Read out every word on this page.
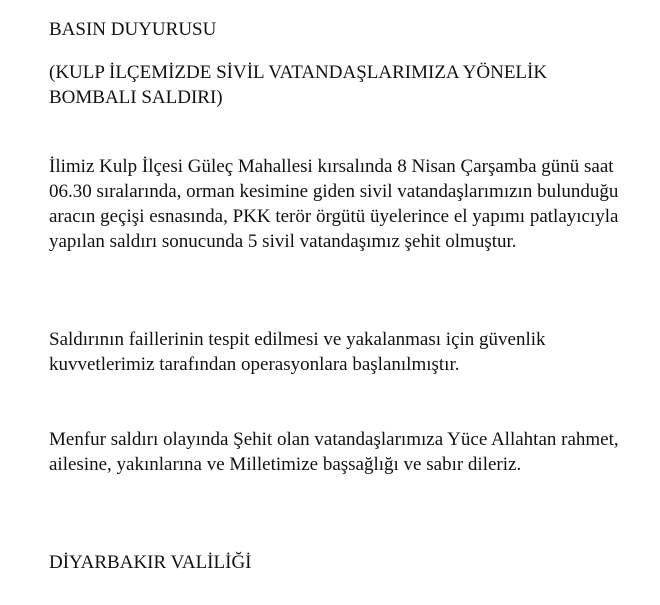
BASIN DUYURUSU

(KULP İLÇEMİZDE SİVİL VATANDAŞLARIMIZA YÖNELİK BOMBALI SALDIRI)

İlimiz Kulp İlçesi Güleç Mahallesi kırsalında 8 Nisan Çarşamba günü saat 06.30 sıralarında, orman kesimine giden sivil vatandaşlarımızın bulunduğu aracın geçişi esnasında, PKK terör örgütü üyelerince el yapımı patlayıcıyla yapılan saldırı sonucunda 5 sivil vatandaşımız şehit olmuştur.

Saldırının faillerinin tespit edilmesi ve yakalanması için güvenlik kuvvetlerimiz tarafından operasyonlara başlanılmıştır.

Menfur saldırı olayında Şehit olan vatandaşlarımıza Yüce Allahtan rahmet, ailesine, yakınlarına ve Milletimize başsağlığı ve sabır dileriz.

DİYARBAKIR VALİLİĞİ
